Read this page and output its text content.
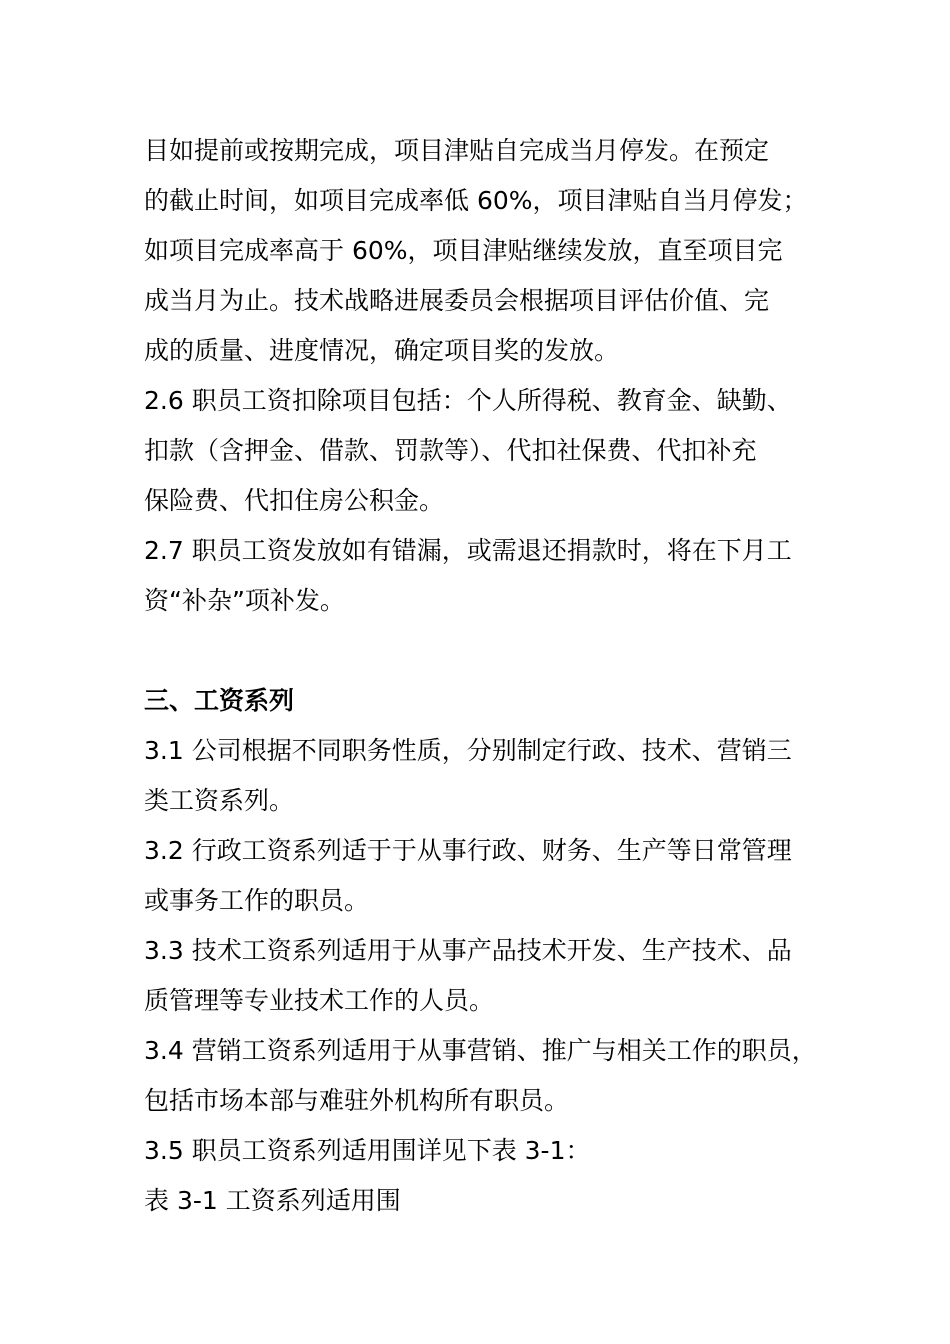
目如提前或按期完成，项目津贴自完成当月停发。在预定
的截止时间，如项目完成率低 60%，项目津贴自当月停发；
如项目完成率高于 60%，项目津贴继续发放，直至项目完
成当月为止。技术战略进展委员会根据项目评估价值、完
成的质量、进度情况，确定项目奖的发放。
2.6 职员工资扣除项目包括：个人所得税、教育金、缺勤、
扣款（含押金、借款、罚款等）、代扣社保费、代扣补充
保险费、代扣住房公积金。
2.7 职员工资发放如有错漏，或需退还捐款时，将在下月工
资“补杂”项补发。
三、工资系列
3.1 公司根据不同职务性质，分别制定行政、技术、营销三
类工资系列。
3.2 行政工资系列适于于从事行政、财务、生产等日常管理
或事务工作的职员。
3.3 技术工资系列适用于从事产品技术开发、生产技术、品
质管理等专业技术工作的人员。
3.4 营销工资系列适用于从事营销、推广与相关工作的职员，
包括市场本部与难驻外机构所有职员。
3.5 职员工资系列适用围详见下表 3-1：
表 3-1 工资系列适用围
